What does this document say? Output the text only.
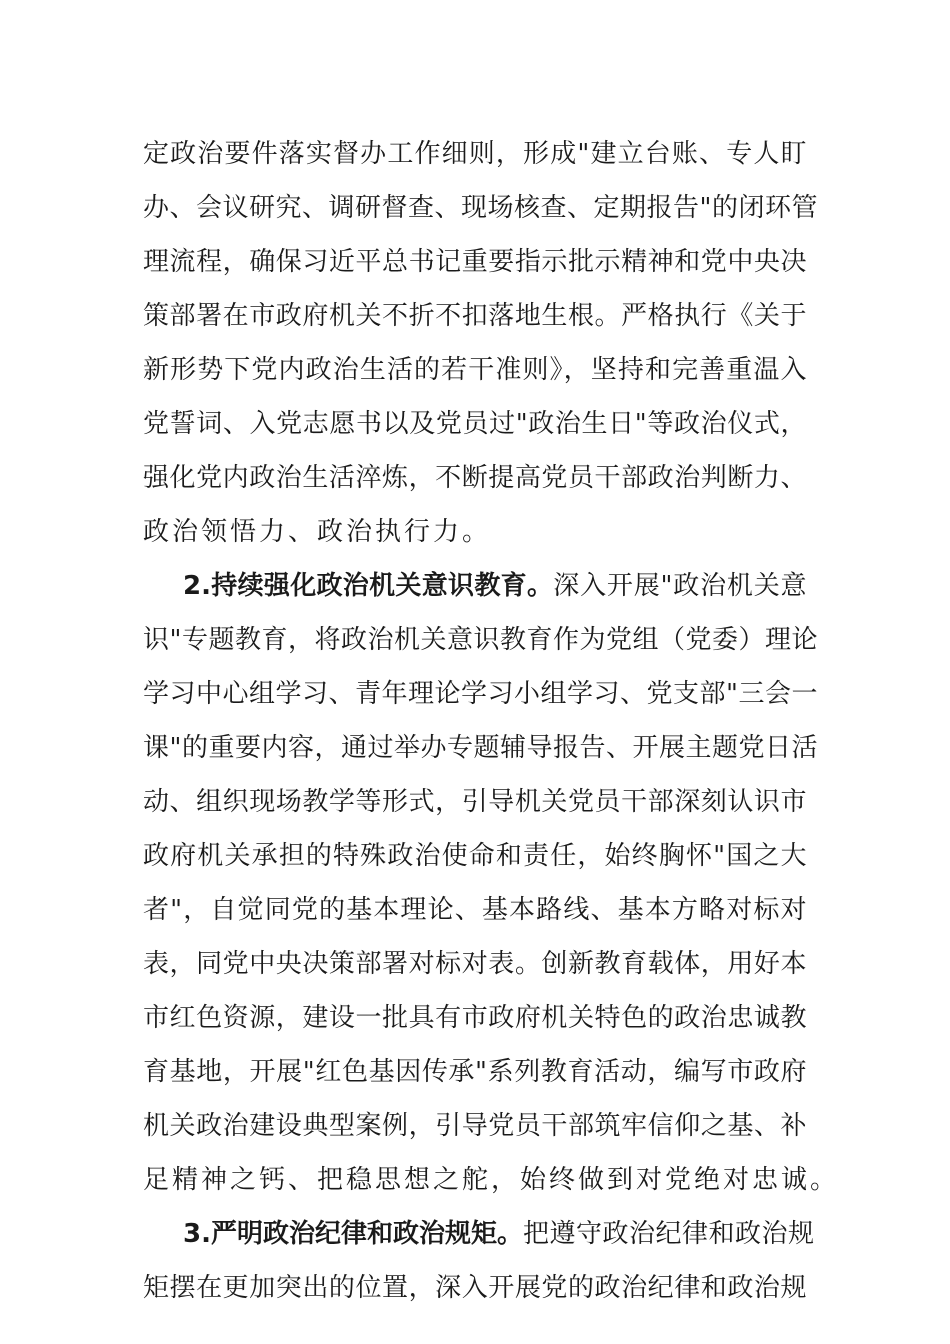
定政治要件落实督办工作细则，形成"建立台账、专人盯
办、会议研究、调研督查、现场核查、定期报告"的闭环管
理流程，确保习近平总书记重要指示批示精神和党中央决
策部署在市政府机关不折不扣落地生根。严格执行《关于
新形势下党内政治生活的若干准则》，坚持和完善重温入
党誓词、入党志愿书以及党员过"政治生日"等政治仪式，
强化党内政治生活淬炼，不断提高党员干部政治判断力、
政治领悟力、政治执行力。
2.持续强化政治机关意识教育。深入开展"政治机关意
识"专题教育，将政治机关意识教育作为党组（党委）理论
学习中心组学习、青年理论学习小组学习、党支部"三会一
课"的重要内容，通过举办专题辅导报告、开展主题党日活
动、组织现场教学等形式，引导机关党员干部深刻认识市
政府机关承担的特殊政治使命和责任，始终胸怀"国之大
者"，自觉同党的基本理论、基本路线、基本方略对标对
表，同党中央决策部署对标对表。创新教育载体，用好本
市红色资源，建设一批具有市政府机关特色的政治忠诚教
育基地，开展"红色基因传承"系列教育活动，编写市政府
机关政治建设典型案例，引导党员干部筑牢信仰之基、补
足精神之钙、把稳思想之舵，始终做到对党绝对忠诚。
3.严明政治纪律和政治规矩。把遵守政治纪律和政治规
矩摆在更加突出的位置，深入开展党的政治纪律和政治规
